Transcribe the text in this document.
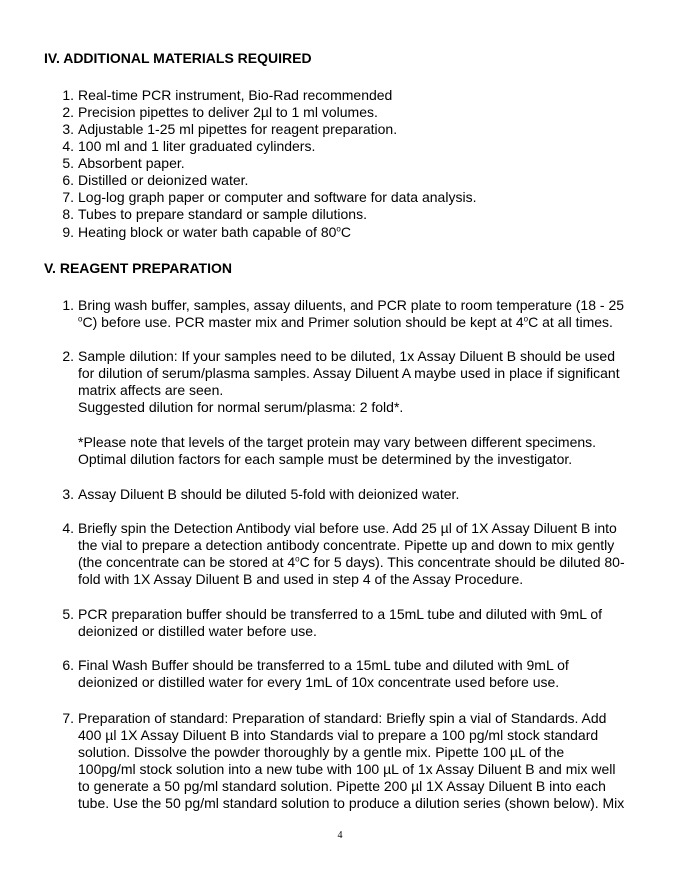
IV. ADDITIONAL MATERIALS REQUIRED
1. Real-time PCR instrument, Bio-Rad recommended
2. Precision pipettes to deliver 2µl to 1 ml volumes.
3. Adjustable 1-25 ml pipettes for reagent preparation.
4. 100 ml and 1 liter graduated cylinders.
5. Absorbent paper.
6. Distilled or deionized water.
7. Log-log graph paper or computer and software for data analysis.
8. Tubes to prepare standard or sample dilutions.
9. Heating block or water bath capable of 80$^o$C
V. REAGENT PREPARATION
1. Bring wash buffer, samples, assay diluents, and PCR plate to room temperature (18 - 25
$^o$C) before use. PCR master mix and Primer solution should be kept at 4$^o$C at all times.
2. Sample dilution: If your samples need to be diluted, 1x Assay Diluent B should be used
for dilution of serum/plasma samples. Assay Diluent A maybe used in place if significant
matrix affects are seen.
Suggested dilution for normal serum/plasma: 2 fold*.

*Please note that levels of the target protein may vary between different specimens.
Optimal dilution factors for each sample must be determined by the investigator.

3. Assay Diluent B should be diluted 5-fold with deionized water.
4. Briefly spin the Detection Antibody vial before use. Add 25 µl of 1X Assay Diluent B into
the vial to prepare a detection antibody concentrate. Pipette up and down to mix gently
(the concentrate can be stored at 4$^o$C for 5 days). This concentrate should be diluted 80-
fold with 1X Assay Diluent B and used in step 4 of the Assay Procedure.
5. PCR preparation buffer should be transferred to a 15mL tube and diluted with 9mL of
deionized or distilled water before use.
6. Final Wash Buffer should be transferred to a 15mL tube and diluted with 9mL of
deionized or distilled water for every 1mL of 10x concentrate used before use.
7. Preparation of standard: Preparation of standard: Briefly spin a vial of Standards. Add
400 µl 1X Assay Diluent B into Standards vial to prepare a 100 pg/ml stock standard
solution. Dissolve the powder thoroughly by a gentle mix. Pipette 100 µL of the
100pg/ml stock solution into a new tube with 100 µL of 1x Assay Diluent B and mix well
to generate a 50 pg/ml standard solution. Pipette 200 µl 1X Assay Diluent B into each
tube. Use the 50 pg/ml standard solution to produce a dilution series (shown below). Mix
4
